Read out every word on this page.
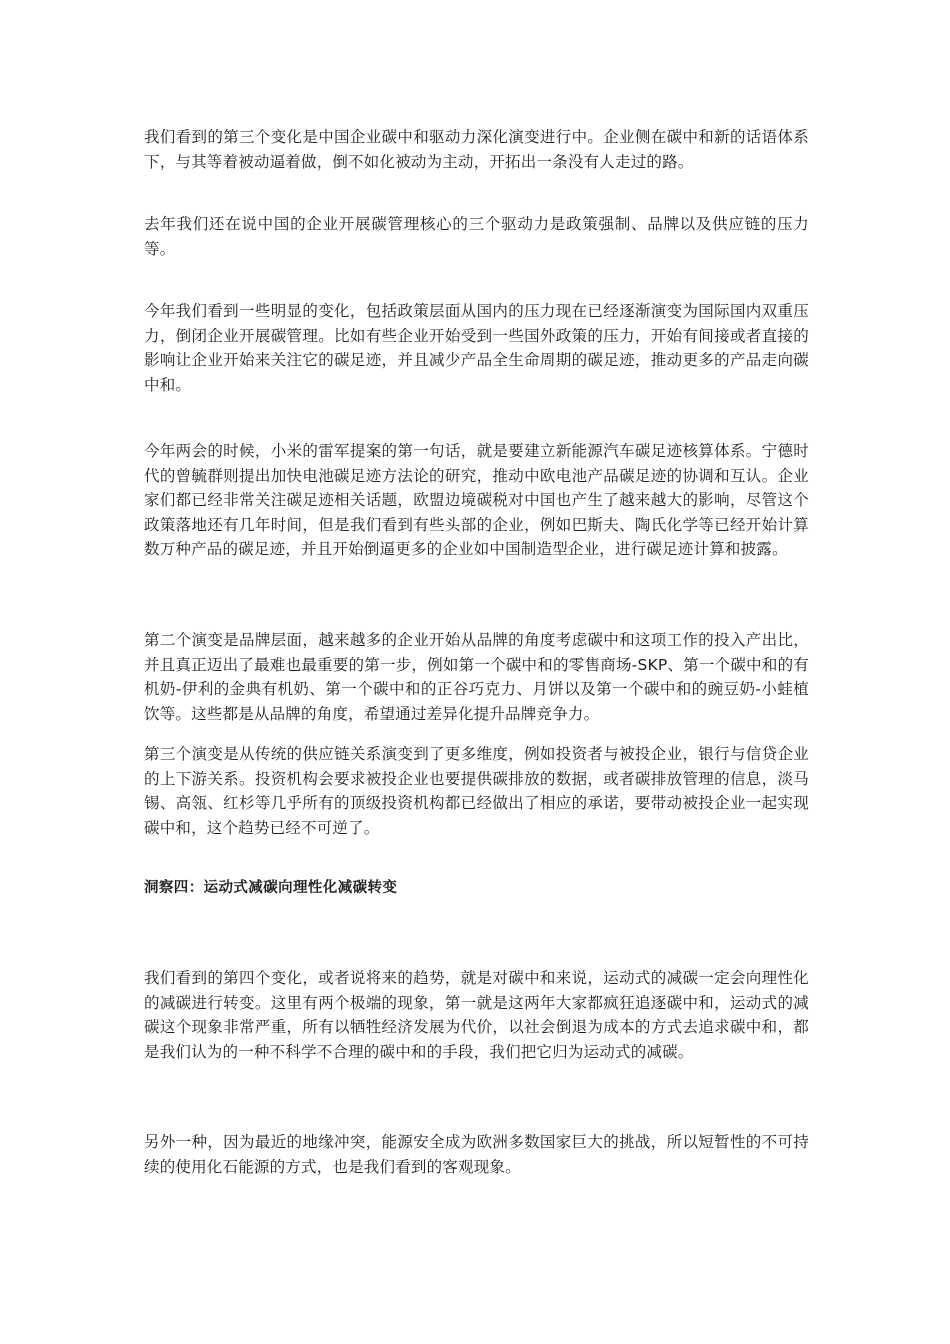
我们看到的第三个变化是中国企业碳中和驱动力深化演变进行中。企业侧在碳中和新的话语体系下，与其等着被动逼着做，倒不如化被动为主动，开拓出一条没有人走过的路。

去年我们还在说中国的企业开展碳管理核心的三个驱动力是政策强制、品牌以及供应链的压力等。

今年我们看到一些明显的变化，包括政策层面从国内的压力现在已经逐渐演变为国际国内双重压力，倒闭企业开展碳管理。比如有些企业开始受到一些国外政策的压力，开始有间接或者直接的影响让企业开始来关注它的碳足迹，并且减少产品全生命周期的碳足迹，推动更多的产品走向碳中和。

今年两会的时候，小米的雷军提案的第一句话，就是要建立新能源汽车碳足迹核算体系。宁德时代的曾毓群则提出加快电池碳足迹方法论的研究，推动中欧电池产品碳足迹的协调和互认。企业家们都已经非常关注碳足迹相关话题，欧盟边境碳税对中国也产生了越来越大的影响，尽管这个政策落地还有几年时间，但是我们看到有些头部的企业，例如巴斯夫、陶氏化学等已经开始计算数万种产品的碳足迹，并且开始倒逼更多的企业如中国制造型企业，进行碳足迹计算和披露。

第二个演变是品牌层面，越来越多的企业开始从品牌的角度考虑碳中和这项工作的投入产出比，并且真正迈出了最难也最重要的第一步，例如第一个碳中和的零售商场-SKP、第一个碳中和的有机奶-伊利的金典有机奶、第一个碳中和的正谷巧克力、月饼以及第一个碳中和的豌豆奶-小蛙植饮等。这些都是从品牌的角度，希望通过差异化提升品牌竞争力。

第三个演变是从传统的供应链关系演变到了更多维度，例如投资者与被投企业，银行与信贷企业的上下游关系。投资机构会要求被投企业也要提供碳排放的数据，或者碳排放管理的信息，淡马锡、高瓴、红杉等几乎所有的顶级投资机构都已经做出了相应的承诺，要带动被投企业一起实现碳中和，这个趋势已经不可逆了。

洞察四：运动式减碳向理性化减碳转变

我们看到的第四个变化，或者说将来的趋势，就是对碳中和来说，运动式的减碳一定会向理性化的减碳进行转变。这里有两个极端的现象，第一就是这两年大家都疯狂追逐碳中和，运动式的减碳这个现象非常严重，所有以牺牲经济发展为代价，以社会倒退为成本的方式去追求碳中和，都是我们认为的一种不科学不合理的碳中和的手段，我们把它归为运动式的减碳。

另外一种，因为最近的地缘冲突，能源安全成为欧洲多数国家巨大的挑战，所以短暂性的不可持续的使用化石能源的方式，也是我们看到的客观现象。
